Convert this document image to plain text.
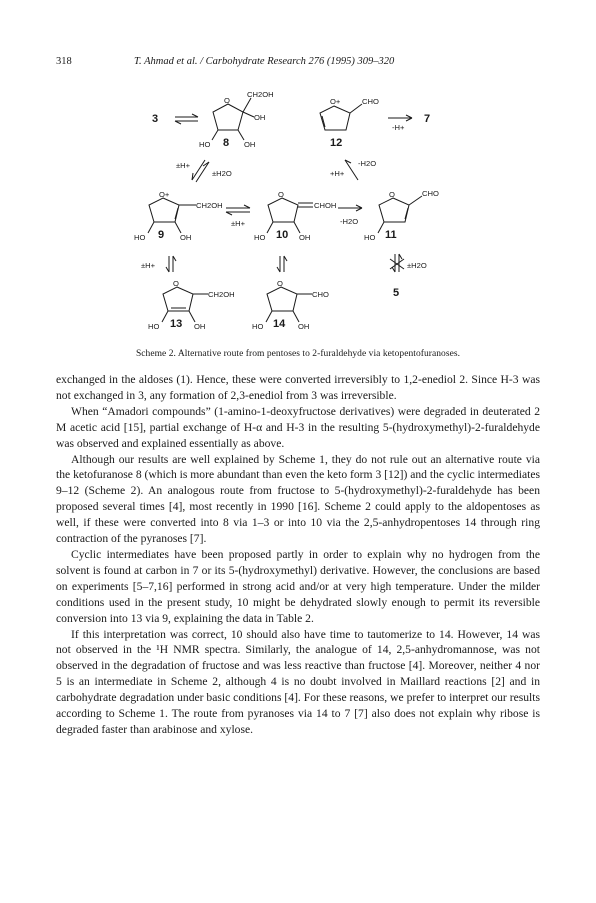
318	T. Ahmad et al. / Carbohydrate Research 276 (1995) 309–320
3
8	12
7
9	10	11
13	14
5
O
CH2OH
OH
HO	OH
O+	CHO
-H+
±H+
±H2O	+H+
-H2O
O+
CH2OH
HO	OH
±H+
O
CHOH
HO	OH
-H2O
O	CHO
HO
±H+	±H2O
O
CH2OH
HO	OH
O
CHO
HO	OH
Scheme 2. Alternative route from pentoses to 2-furaldehyde via ketopentofuranoses.

exchanged in the aldoses (1). Hence, these were converted irreversibly to 1,2-enediol 2. Since H-3 was not exchanged in 3, any formation of 2,3-enediol from 3 was irreversible.

When “Amadori compounds” (1-amino-1-deoxyfructose derivatives) were degraded in deuterated 2 M acetic acid [15], partial exchange of H-α and H-3 in the resulting 5-(hydroxymethyl)-2-furaldehyde was observed and explained essentially as above.

Although our results are well explained by Scheme 1, they do not rule out an alternative route via the ketofuranose 8 (which is more abundant than even the keto form 3 [12]) and the cyclic intermediates 9–12 (Scheme 2). An analogous route from fructose to 5-(hydroxymethyl)-2-furaldehyde has been proposed several times [4], most recently in 1990 [16]. Scheme 2 could apply to the aldopentoses as well, if these were converted into 8 via 1–3 or into 10 via the 2,5-anhydropentoses 14 through ring contraction of the pyranoses [7].

Cyclic intermediates have been proposed partly in order to explain why no hydrogen from the solvent is found at carbon in 7 or its 5-(hydroxymethyl) derivative. However, the conclusions are based on experiments [5–7,16] performed in strong acid and/or at very high temperature. Under the milder conditions used in the present study, 10 might be dehydrated slowly enough to permit its reversible conversion into 13 via 9, explaining the data in Table 2.

If this interpretation was correct, 10 should also have time to tautomerize to 14. However, 14 was not observed in the ¹H NMR spectra. Similarly, the analogue of 14, 2,5-anhydromannose, was not observed in the degradation of fructose and was less reactive than fructose [4]. Moreover, neither 4 nor 5 is an intermediate in Scheme 2, although 4 is no doubt involved in Maillard reactions [2] and in carbohydrate degradation under basic conditions [4]. For these reasons, we prefer to interpret our results according to Scheme 1. The route from pyranoses via 14 to 7 [7] also does not explain why ribose is degraded faster than arabinose and xylose.
